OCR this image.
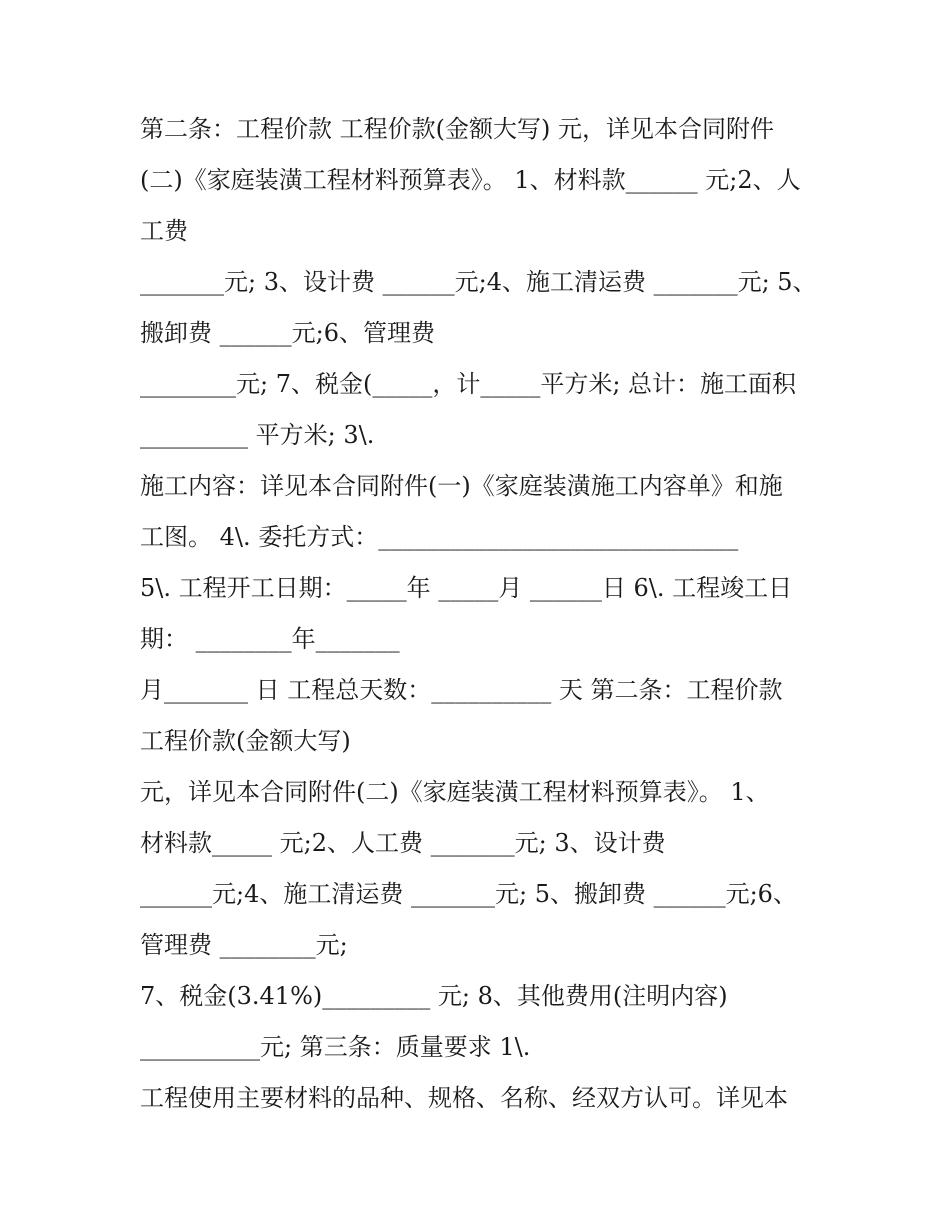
第二条：工程价款 工程价款(金额大写) 元，详见本合同附件

(二)《家庭装潢工程材料预算表》。 1、材料款______ 元;2、人

工费

_______元; 3、设计费 ______元;4、施工清运费 _______元; 5、

搬卸费 ______元;6、管理费

________元; 7、税金(_____，计_____平方米; 总计：施工面积

_________ 平方米; 3\.

施工内容：详见本合同附件(一)《家庭装潢施工内容单》和施

工图。 4\. 委托方式：______________________________

5\. 工程开工日期：_____年 _____月 ______日 6\. 工程竣工日

期： ________年_______

月_______ 日 工程总天数：__________ 天 第二条：工程价款

工程价款(金额大写)

元，详见本合同附件(二)《家庭装潢工程材料预算表》。 1、

材料款_____ 元;2、人工费 _______元; 3、设计费

______元;4、施工清运费 _______元; 5、搬卸费 ______元;6、

管理费 ________元;

7、税金(3.41%)_________ 元; 8、其他费用(注明内容)

__________元; 第三条：质量要求 1\.

工程使用主要材料的品种、规格、名称、经双方认可。详见本
